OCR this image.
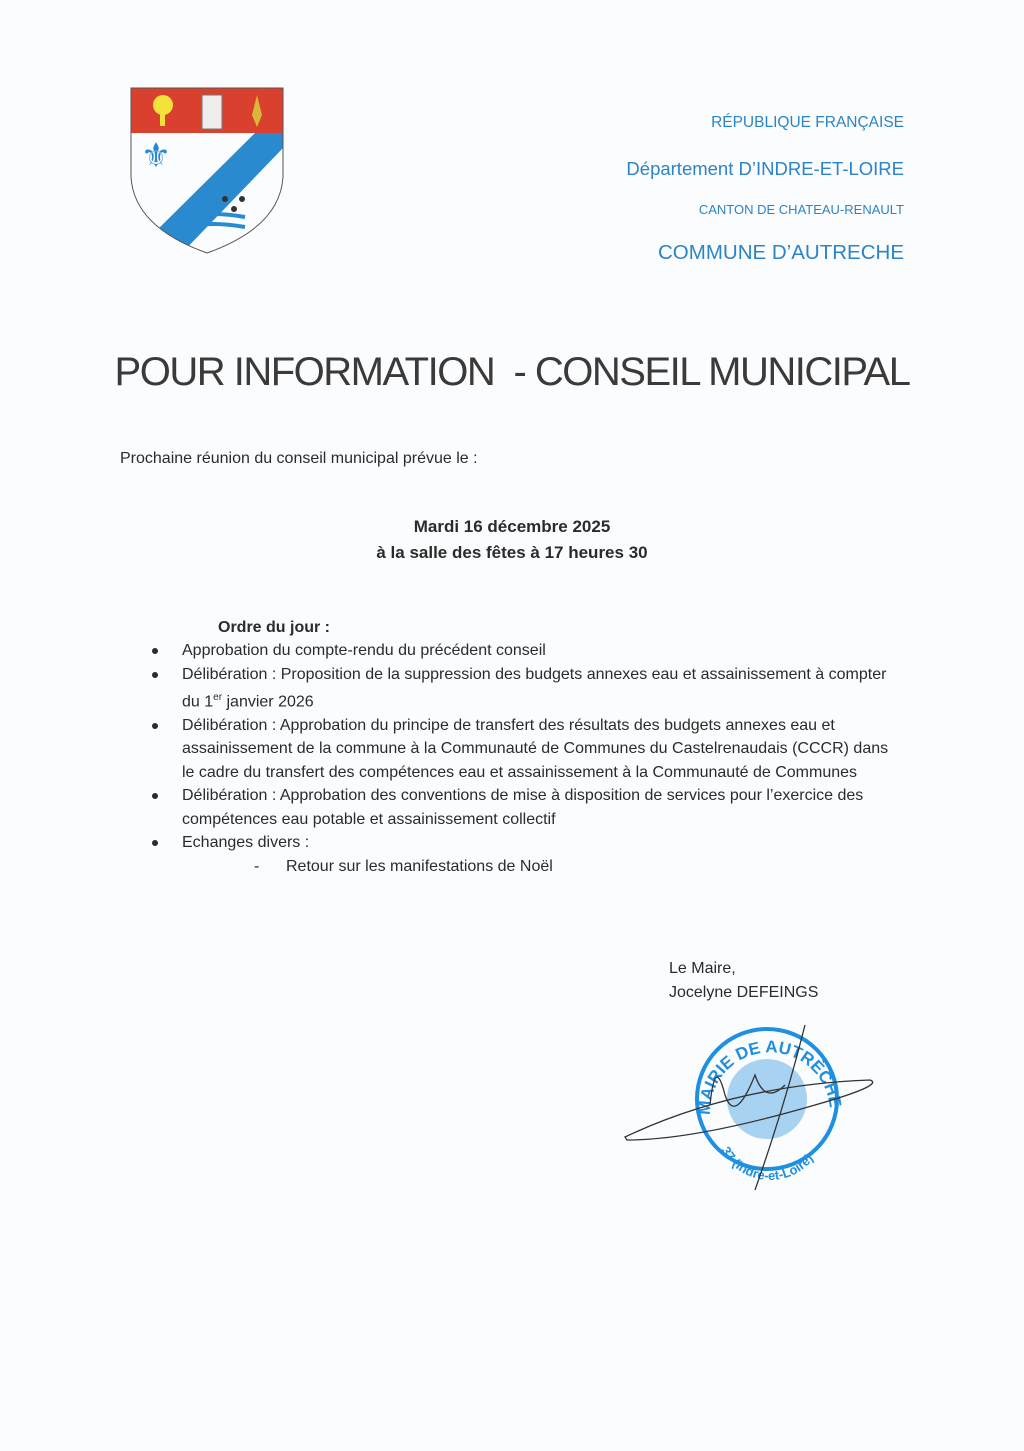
⚜
RÉPUBLIQUE FRANÇAISE
Département D’INDRE-ET-LOIRE
CANTON DE CHATEAU-RENAULT
COMMUNE D’AUTRECHE
POUR INFORMATION  - CONSEIL MUNICIPAL
Prochaine réunion du conseil municipal prévue le :
Mardi 16 décembre 2025
à la salle des fêtes à 17 heures 30
Ordre du jour :
Approbation du compte-rendu du précédent conseil
Délibération : Proposition de la suppression des budgets annexes eau et assainissement à compter du 1er janvier 2026
Délibération : Approbation du principe de transfert des résultats des budgets annexes eau et assainissement de la commune à la Communauté de Communes du Castelrenaudais (CCCR) dans le cadre du transfert des compétences eau et assainissement à la Communauté de Communes
Délibération : Approbation des conventions de mise à disposition de services pour l’exercice des compétences eau potable et assainissement collectif
Echanges divers :
- Retour sur les manifestations de Noël
Le Maire,
Jocelyne DEFEINGS
MAIRIE DE AUTRÈCHE
37 (Indre-et-Loire)
